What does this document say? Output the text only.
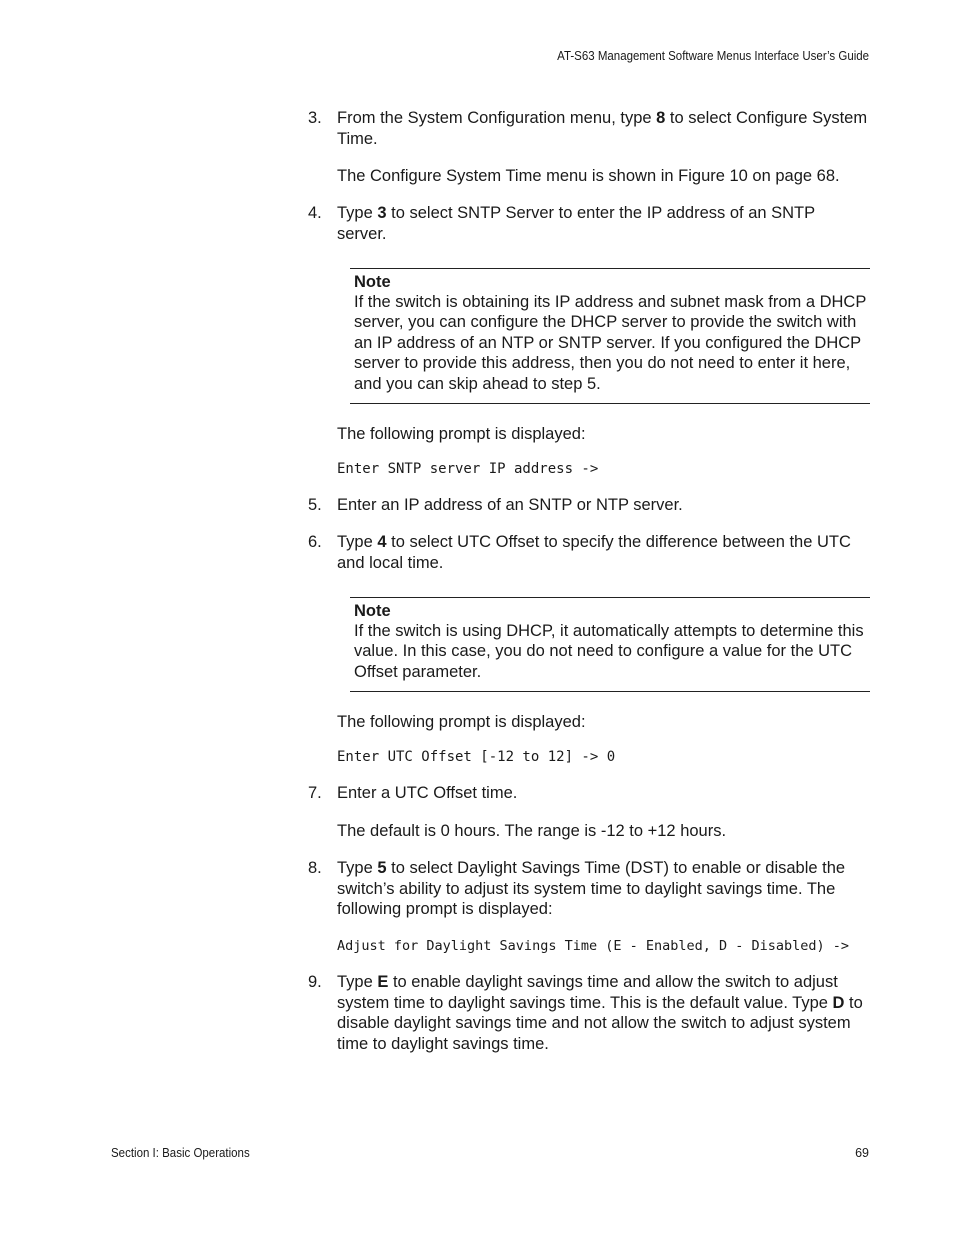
AT-S63 Management Software Menus Interface User’s Guide
3. From the System Configuration menu, type 8 to select Configure System Time.
The Configure System Time menu is shown in Figure 10 on page 68.
4. Type 3 to select SNTP Server to enter the IP address of an SNTP server.
Note
If the switch is obtaining its IP address and subnet mask from a DHCP server, you can configure the DHCP server to provide the switch with an IP address of an NTP or SNTP server. If you configured the DHCP server to provide this address, then you do not need to enter it here, and you can skip ahead to step 5.
The following prompt is displayed:
Enter SNTP server IP address ->
5. Enter an IP address of an SNTP or NTP server.
6. Type 4 to select UTC Offset to specify the difference between the UTC and local time.
Note
If the switch is using DHCP, it automatically attempts to determine this value. In this case, you do not need to configure a value for the UTC Offset parameter.
The following prompt is displayed:
Enter UTC Offset [-12 to 12] -> 0
7. Enter a UTC Offset time.
The default is 0 hours. The range is -12 to +12 hours.
8. Type 5 to select Daylight Savings Time (DST) to enable or disable the switch’s ability to adjust its system time to daylight savings time. The following prompt is displayed:
Adjust for Daylight Savings Time (E - Enabled, D - Disabled) ->
9. Type E to enable daylight savings time and allow the switch to adjust system time to daylight savings time. This is the default value. Type D to disable daylight savings time and not allow the switch to adjust system time to daylight savings time.
Section I: Basic Operations	69
